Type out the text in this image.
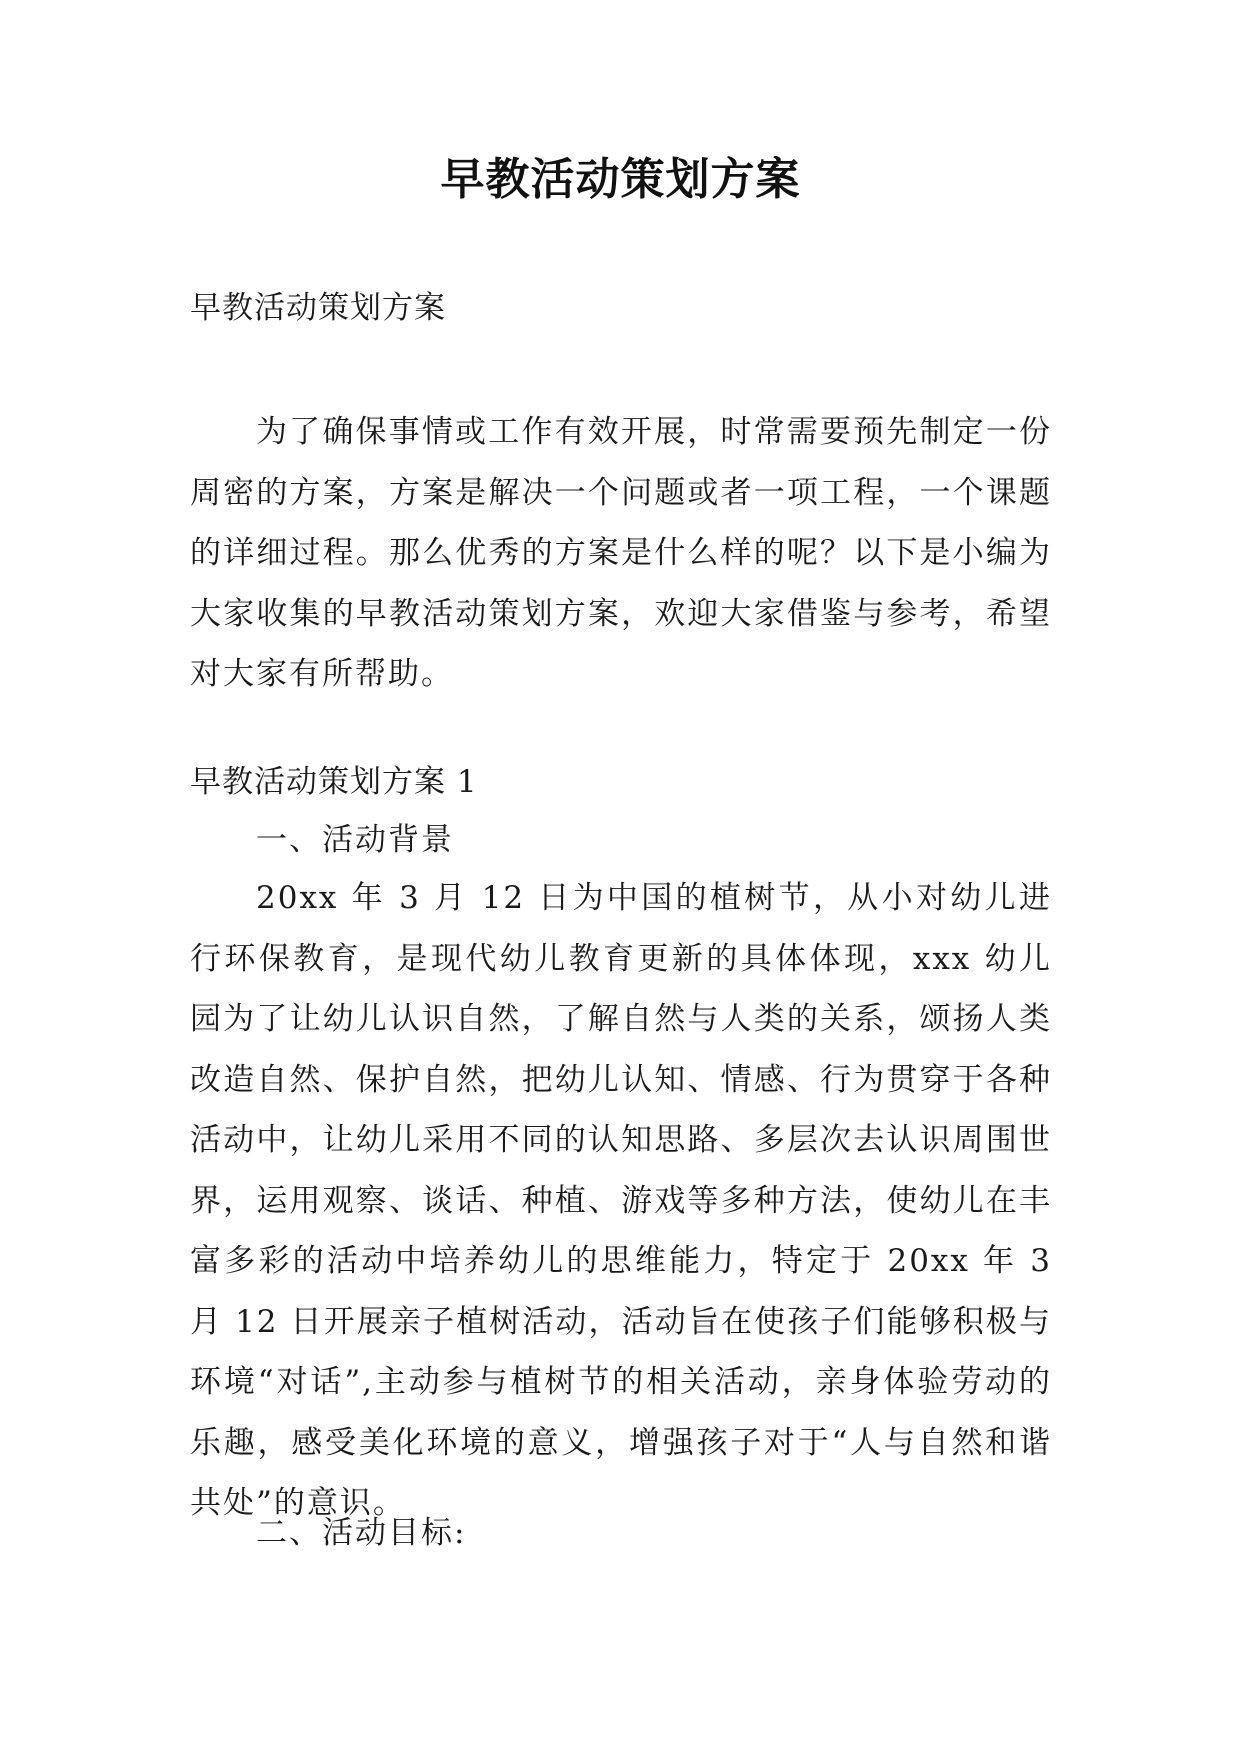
早教活动策划方案
早教活动策划方案
为了确保事情或工作有效开展，时常需要预先制定一份周密的方案，方案是解决一个问题或者一项工程，一个课题的详细过程。那么优秀的方案是什么样的呢？以下是小编为大家收集的早教活动策划方案，欢迎大家借鉴与参考，希望对大家有所帮助。
早教活动策划方案 1
一、活动背景
20xx 年 3 月 12 日为中国的植树节，从小对幼儿进行环保教育，是现代幼儿教育更新的具体体现，xxx 幼儿园为了让幼儿认识自然，了解自然与人类的关系，颂扬人类改造自然、保护自然，把幼儿认知、情感、行为贯穿于各种活动中，让幼儿采用不同的认知思路、多层次去认识周围世界，运用观察、谈话、种植、游戏等多种方法，使幼儿在丰富多彩的活动中培养幼儿的思维能力，特定于 20xx 年 3 月 12 日开展亲子植树活动，活动旨在使孩子们能够积极与环境“对话”,主动参与植树节的相关活动，亲身体验劳动的乐趣，感受美化环境的意义，增强孩子对于“人与自然和谐共处”的意识。
二、活动目标:
